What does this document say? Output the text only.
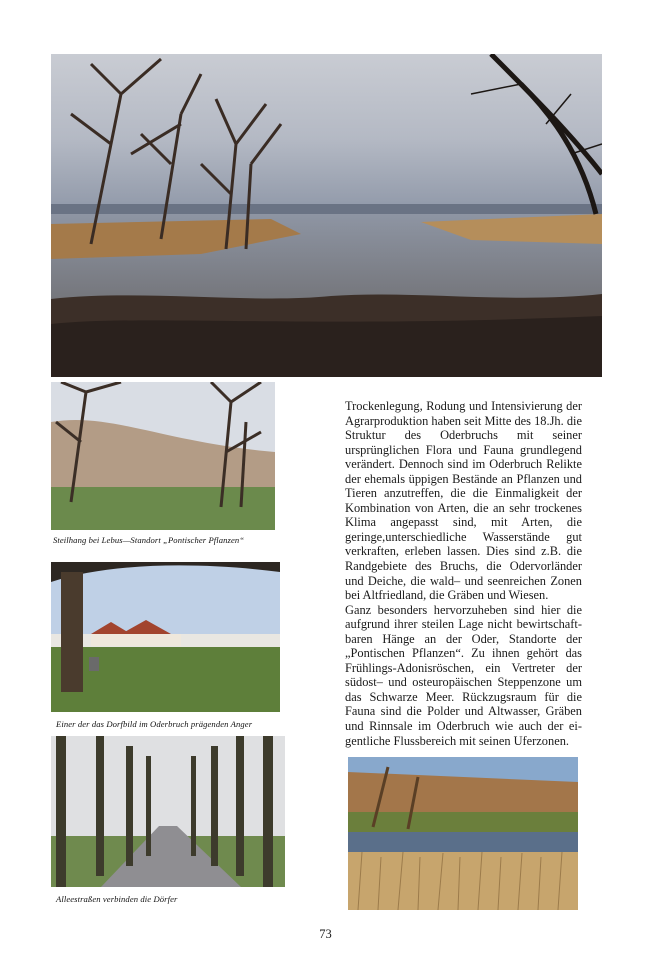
Steilhang bei Lebus—Standort „Pontischer Pflanzen“
Einer der das Dorfbild im Oderbruch prägenden Anger
Alleestraßen verbinden die Dörfer

Trockenlegung, Rodung und Intensivierung der Agrarproduktion haben seit Mitte des 18.Jh. die Struktur des Oderbruchs mit seiner ursprünglichen Flora und Fauna grundlegend verändert. Dennoch sind im Oderbruch Relikte der ehemals üppigen Bestände an Pflanzen und Tieren anzutreffen, die die Einmaligkeit der Kombination von Arten, die an sehr trockenes Klima angepasst sind, mit Arten, die geringe,unterschiedliche Wasserstände gut verkraften, erleben lassen. Dies sind z.B. die Randgebiete des Bruchs, die Odervorländer und Deiche, die wald– und seenreichen Zonen bei Altfriedland, die Gräben und Wiesen.

Ganz besonders hervorzuheben sind hier die aufgrund ihrer steilen Lage nicht bewirtschaftbaren Hänge an der Oder, Standorte der „Pontischen Pflanzen“. Zu ihnen gehört das Frühlings-Adonisröschen, ein Vertreter der südost– und osteuropäischen Steppenzone um das Schwarze Meer. Rückzugsraum für die Fauna sind die Polder und Altwasser, Gräben und Rinnsale im Oderbruch wie auch der eigentliche Flussbereich mit seinen Uferzonen.

73
